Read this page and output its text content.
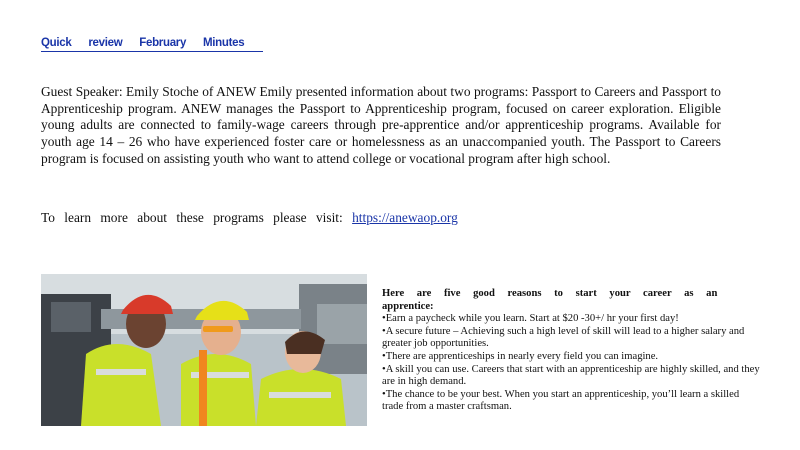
Quick review February Minutes

Guest Speaker: Emily Stoche of ANEW Emily presented information about two programs: Passport to Careers and Passport to Apprenticeship program. ANEW manages the Passport to Apprenticeship program, focused on career exploration. Eligible young adults are connected to family-wage careers through pre-apprentice and/or apprenticeship programs. Available for youth age 14 – 26 who have experienced foster care or homelessness as an unaccompanied youth. The Passport to Careers program is focused on assisting youth who want to attend college or vocational program after high school.

To learn more about these programs please visit: https://anewaop.org

Here are five good reasons to start your career as an apprentice:
•Earn a paycheck while you learn. Start at $20 -30+/ hr your first day!
•A secure future – Achieving such a high level of skill will lead to a higher salary and greater job opportunities.
•There are apprenticeships in nearly every field you can imagine.
•A skill you can use. Careers that start with an apprenticeship are highly skilled, and they are in high demand.
•The chance to be your best. When you start an apprenticeship, you’ll learn a skilled trade from a master craftsman.
